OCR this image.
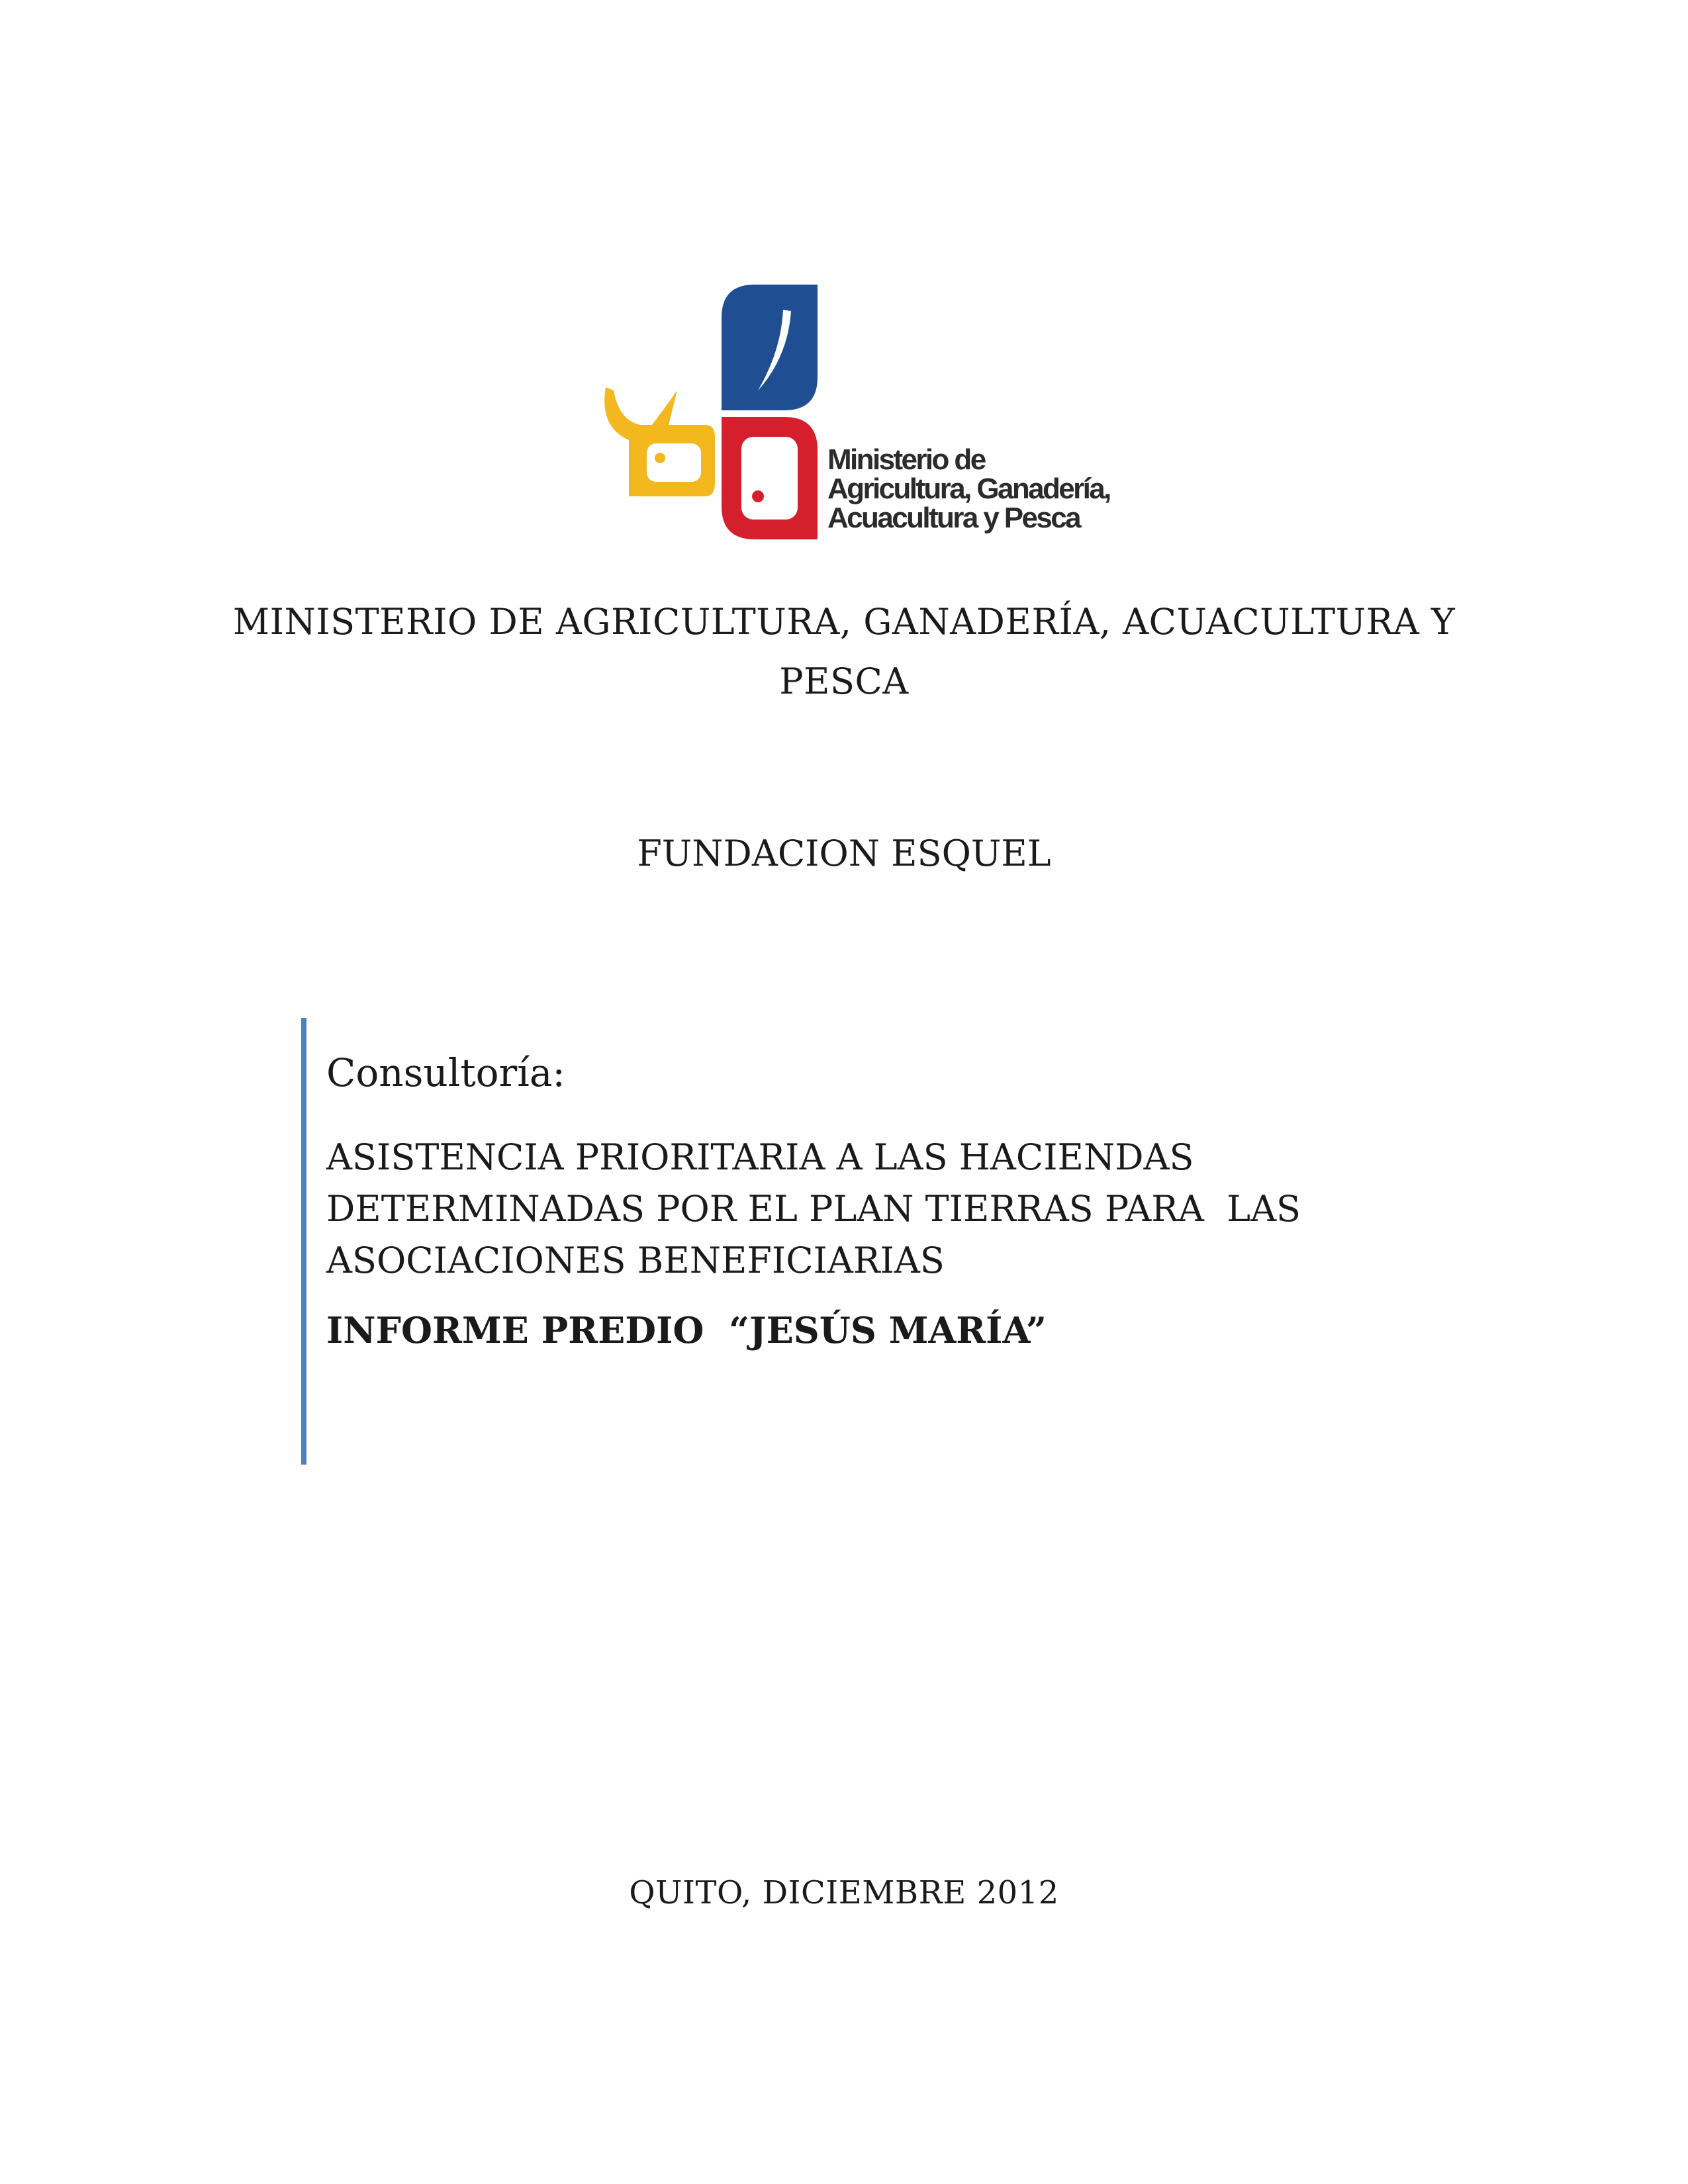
Ministerio de
Agricultura, Ganadería,
Acuacultura y Pesca
MINISTERIO DE AGRICULTURA, GANADERÍA, ACUACULTURA Y
PESCA
FUNDACION ESQUEL
Consultoría:
ASISTENCIA PRIORITARIA A LAS HACIENDAS
DETERMINADAS POR EL PLAN TIERRAS PARA  LAS
ASOCIACIONES BENEFICIARIAS
INFORME PREDIO  “JESÚS MARÍA”
QUITO, DICIEMBRE 2012
